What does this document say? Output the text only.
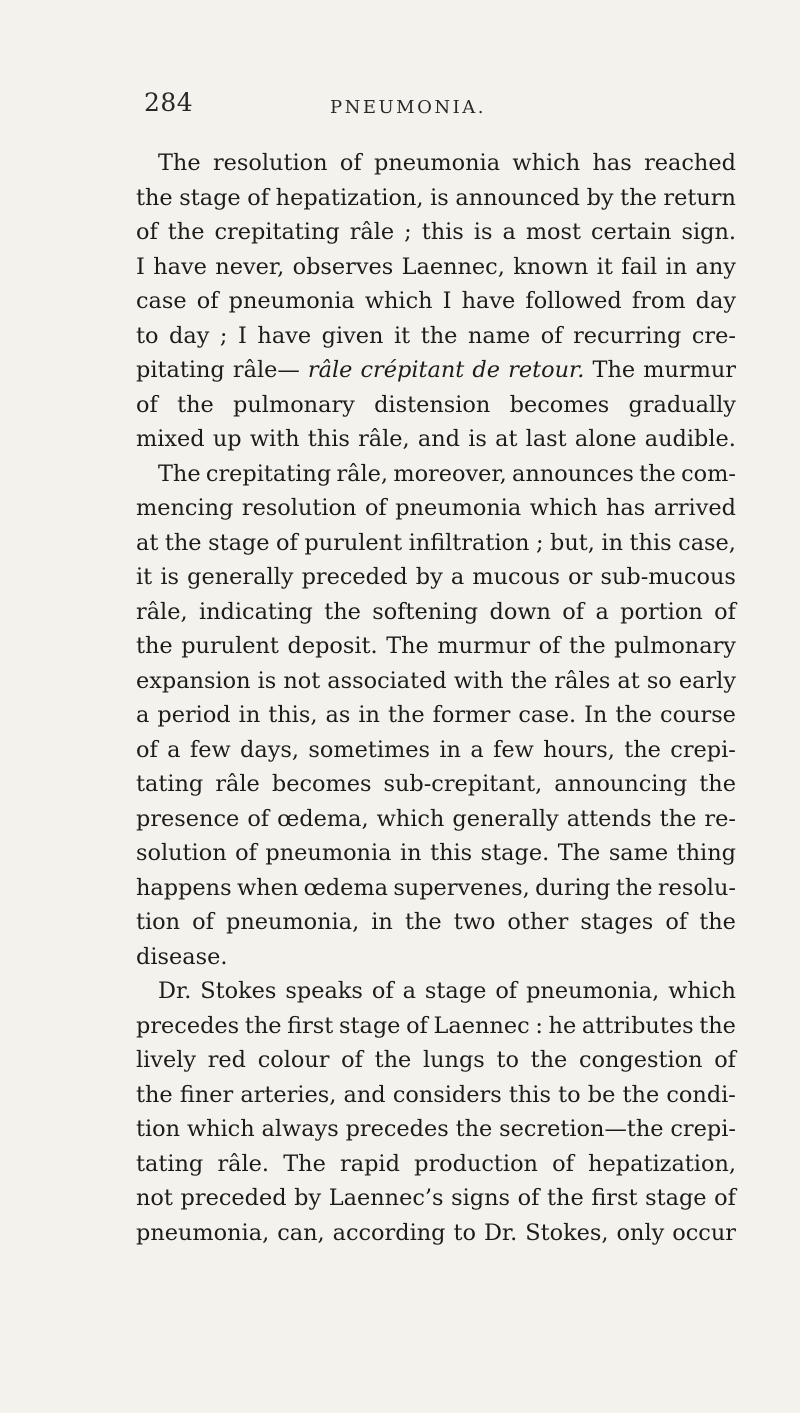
284	PNEUMONIA.
The resolution of pneumonia which has reached
the stage of hepatization, is announced by the return
of the crepitating râle ; this is a most certain sign.
I have never, observes Laennec, known it fail in any
case of pneumonia which I have followed from day
to day ; I have given it the name of recurring cre-
pitating râle— râle crépitant de retour. The murmur
of the pulmonary distension becomes gradually
mixed up with this râle, and is at last alone audible.
The crepitating râle, moreover, announces the com-
mencing resolution of pneumonia which has arrived
at the stage of purulent infiltration ; but, in this case,
it is generally preceded by a mucous or sub-mucous
râle, indicating the softening down of a portion of
the purulent deposit. The murmur of the pulmonary
expansion is not associated with the râles at so early
a period in this, as in the former case. In the course
of a few days, sometimes in a few hours, the crepi-
tating râle becomes sub-crepitant, announcing the
presence of œdema, which generally attends the re-
solution of pneumonia in this stage. The same thing
happens when œdema supervenes, during the resolu-
tion of pneumonia, in the two other stages of the
disease.
Dr. Stokes speaks of a stage of pneumonia, which
precedes the first stage of Laennec : he attributes the
lively red colour of the lungs to the congestion of
the finer arteries, and considers this to be the condi-
tion which always precedes the secretion—the crepi-
tating râle. The rapid production of hepatization,
not preceded by Laennec’s signs of the first stage of
pneumonia, can, according to Dr. Stokes, only occur
